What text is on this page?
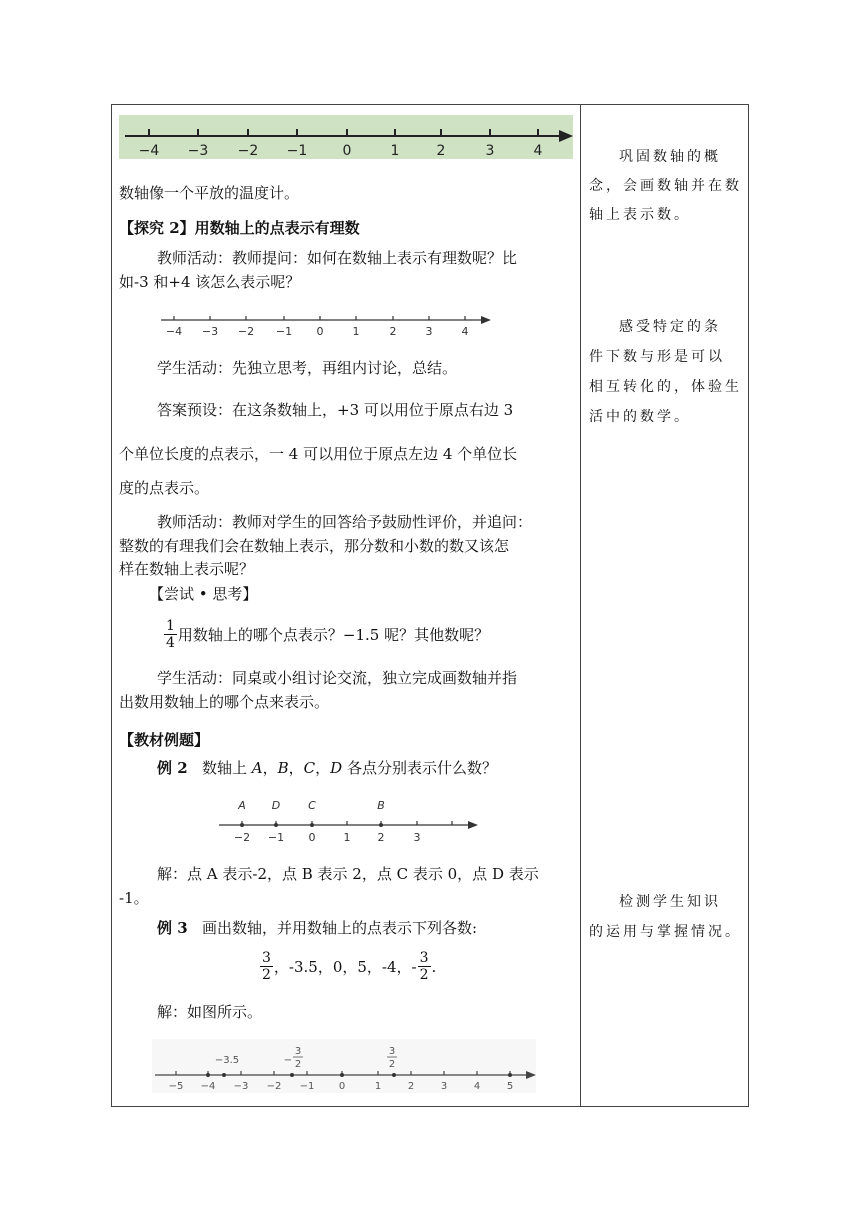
−4 −3 −2 −1	0	1	2	3	4
数轴像一个平放的温度计。
【探究 2】用数轴上的点表示有理数
教师活动：教师提问：如何在数轴上表示有理数呢？比
如-3 和+4 该怎么表示呢？
−4 −3 −2 −1 0	1	2	3	4
学生活动：先独立思考，再组内讨论，总结。
答案预设：在这条数轴上，+3 可以用位于原点右边 3
个单位长度的点表示，一 4 可以用位于原点左边 4 个单位长
度的点表示。
教师活动：教师对学生的回答给予鼓励性评价，并追问：
整数的有理我们会在数轴上表示，那分数和小数的数又该怎
样在数轴上表示呢？
【尝试 • 思考】
$\frac{1}{4}$ 用数轴上的哪个点表示？−1.5 呢？其他数呢？
学生活动：同桌或小组讨论交流，独立完成画数轴并指
出数用数轴上的哪个点来表示。
【教材例题】
例 2 数轴上 A，B，C，D 各点分别表示什么数？
A D	C	B
−2 −1 0	1 2	3
解：点 A 表示-2，点 B 表示 2，点 C 表示 0，点 D 表示
-1。
例 3 画出数轴，并用数轴上的点表示下列各数:
$\frac{3}{2}$ ，-3.5，0，5，-4，- $\frac{3}{2}$ .
解：如图所示。
−3.5	−
3
2
3
2
−5 −4 −3 −2 −1 0	1	2	3	4	5
巩固数轴的概
念，会画数轴并在数
轴上表示数。
感受特定的条
件下数与形是可以
相互转化的，体验生
活中的数学。
检测学生知识
的运用与掌握情况。
